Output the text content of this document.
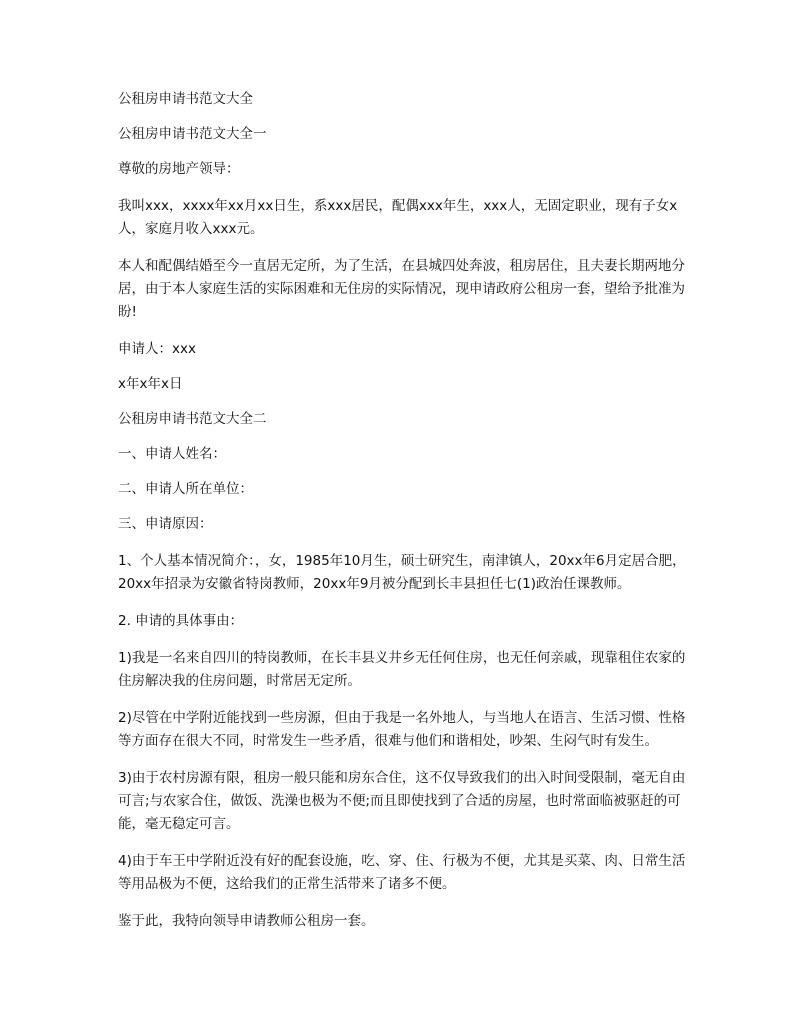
公租房申请书范文大全

公租房申请书范文大全一

尊敬的房地产领导：

我叫xxx，xxxx年xx月xx日生，系xxx居民，配偶xxx年生，xxx人，无固定职业，现有子女x人，家庭月收入xxx元。

本人和配偶结婚至今一直居无定所，为了生活，在县城四处奔波，租房居住，且夫妻长期两地分居，由于本人家庭生活的实际困难和无住房的实际情况，现申请政府公租房一套，望给予批准为盼!

申请人：xxx

x年x年x日

公租房申请书范文大全二

一、申请人姓名：

二、申请人所在单位：

三、申请原因：

1、个人基本情况简介：，女，1985年10月生，硕士研究生，南津镇人，20xx年6月定居合肥，20xx年招录为安徽省特岗教师，20xx年9月被分配到长丰县担任七(1)政治任课教师。

2. 申请的具体事由：

1)我是一名来自四川的特岗教师，在长丰县义井乡无任何住房，也无任何亲戚，现靠租住农家的住房解决我的住房问题，时常居无定所。

2)尽管在中学附近能找到一些房源，但由于我是一名外地人，与当地人在语言、生活习惯、性格等方面存在很大不同，时常发生一些矛盾，很难与他们和谐相处，吵架、生闷气时有发生。

3)由于农村房源有限，租房一般只能和房东合住，这不仅导致我们的出入时间受限制，毫无自由可言;与农家合住，做饭、洗澡也极为不便;而且即使找到了合适的房屋，也时常面临被驱赶的可能，毫无稳定可言。

4)由于车王中学附近没有好的配套设施，吃、穿、住、行极为不便，尤其是买菜、肉、日常生活等用品极为不便，这给我们的正常生活带来了诸多不便。

鉴于此，我特向领导申请教师公租房一套。
